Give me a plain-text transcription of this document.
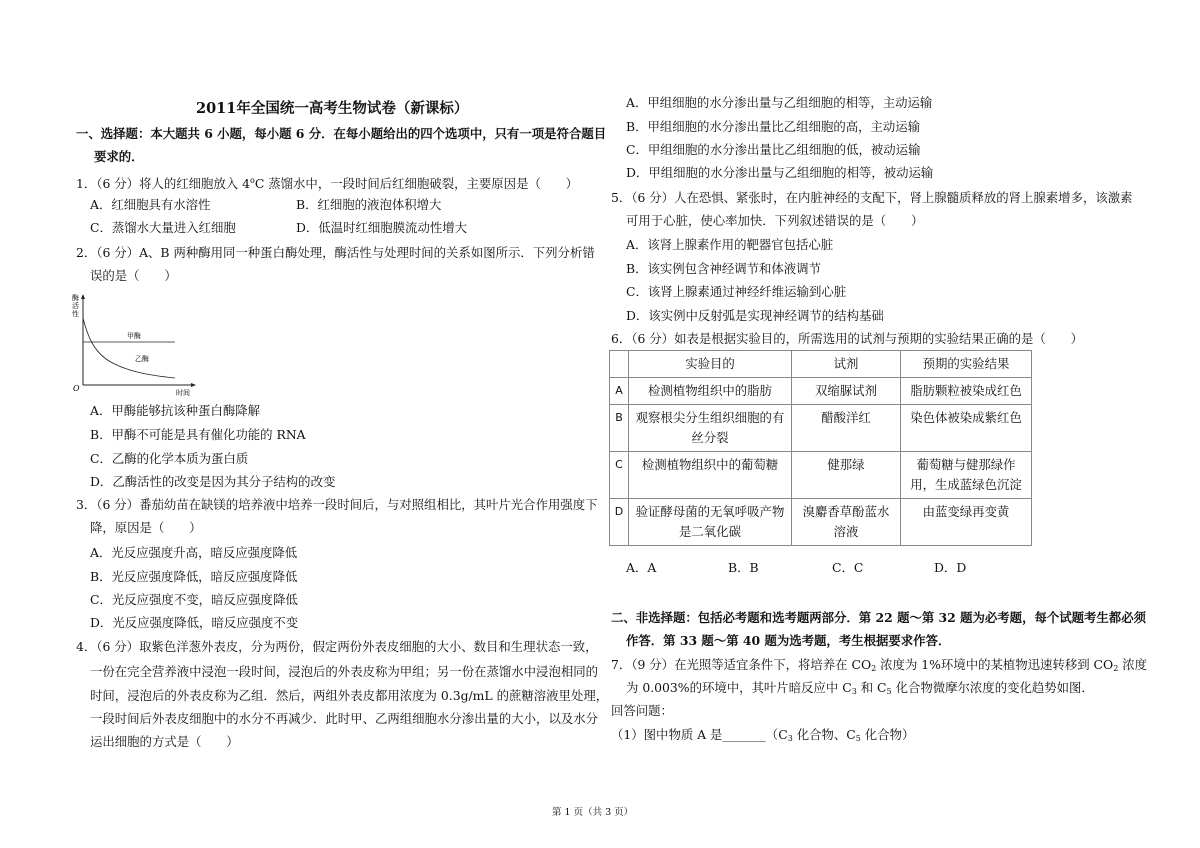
2011年全国统一高考生物试卷（新课标）
一、选择题：本大题共 6 小题，每小题 6 分．在每小题给出的四个选项中，只有一项是符合题目
要求的．
1．（6 分）将人的红细胞放入 4$^o$C 蒸馏水中，一段时间后红细胞破裂，主要原因是（　　）
A．红细胞具有水溶性	B．红细胞的液泡体积增大
C．蒸馏水大量进入红细胞	D．低温时红细胞膜流动性增大
2．（6 分）A、B 两种酶用同一种蛋白酶处理，酶活性与处理时间的关系如图所示．下列分析错
误的是（　　）
酶
活
性
O	时间
甲酶
乙酶
A．甲酶能够抗该种蛋白酶降解
B．甲酶不可能是具有催化功能的 RNA
C．乙酶的化学本质为蛋白质
D．乙酶活性的改变是因为其分子结构的改变
3．（6 分）番茄幼苗在缺镁的培养液中培养一段时间后，与对照组相比，其叶片光合作用强度下
降，原因是（　　）
A．光反应强度升高，暗反应强度降低
B．光反应强度降低，暗反应强度降低
C．光反应强度不变，暗反应强度降低
D．光反应强度降低，暗反应强度不变
4．（6 分）取紫色洋葱外表皮，分为两份，假定两份外表皮细胞的大小、数目和生理状态一致，
一份在完全营养液中浸泡一段时间，浸泡后的外表皮称为甲组；另一份在蒸馏水中浸泡相同的
时间，浸泡后的外表皮称为乙组．然后，两组外表皮都用浓度为 0.3g/mL 的蔗糖溶液里处理，
一段时间后外表皮细胞中的水分不再减少．此时甲、乙两组细胞水分渗出量的大小，以及水分
运出细胞的方式是（　　）
A．甲组细胞的水分渗出量与乙组细胞的相等，主动运输
B．甲组细胞的水分渗出量比乙组细胞的高，主动运输
C．甲组细胞的水分渗出量比乙组细胞的低，被动运输
D．甲组细胞的水分渗出量与乙组细胞的相等，被动运输
5．（6 分）人在恐惧、紧张时，在内脏神经的支配下，肾上腺髓质释放的肾上腺素增多，该激素
可用于心脏，使心率加快．下列叙述错误的是（　　）
A．该肾上腺素作用的靶器官包括心脏
B．该实例包含神经调节和体液调节
C．该肾上腺素通过神经纤维运输到心脏
D．该实例中反射弧是实现神经调节的结构基础
6．（6 分）如表是根据实验目的，所需选用的试剂与预期的实验结果正确的是（　　）
	实验目的	试剂	预期的实验结果
A	检测植物组织中的脂肪	双缩脲试剂	脂肪颗粒被染成红色
B	观察根尖分生组织细胞的有丝分裂	醋酸洋红	染色体被染成紫红色
C	检测植物组织中的葡萄糖	健那绿	葡萄糖与健那绿作用，生成蓝绿色沉淀
D	验证酵母菌的无氧呼吸产物是二氧化碳	溴麝香草酚蓝水溶液	由蓝变绿再变黄
A．A	B．B	C．C	D．D
二、非选择题：包括必考题和选考题两部分．第 22 题～第 32 题为必考题，每个试题考生都必须
作答．第 33 题～第 40 题为选考题，考生根据要求作答．
7．（9 分）在光照等适宜条件下，将培养在 $CO_2$ 浓度为 1%环境中的某植物迅速转移到 $CO_2$ 浓度
为 0.003%的环境中，其叶片暗反应中 $C_3$ 和 $C_5$ 化合物微摩尔浓度的变化趋势如图．
回答问题：
（1）图中物质 A 是$\_\_\_\_\_\_\_(C_3$ 化合物、$C_5$ 化合物）
第 1 页（共 3 页）
